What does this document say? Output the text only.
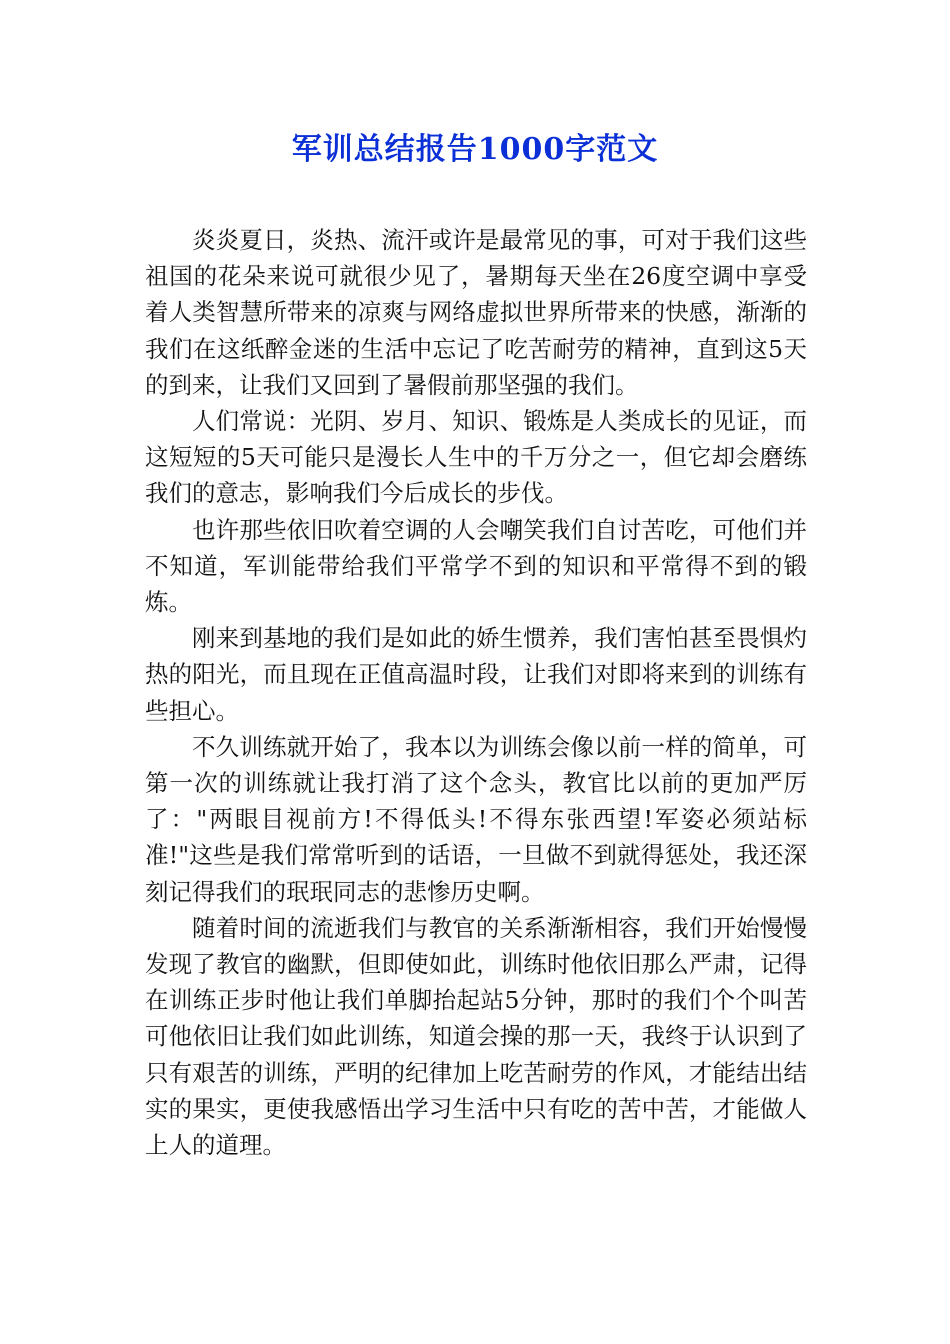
军训总结报告1000字范文

炎炎夏日，炎热、流汗或许是最常见的事，可对于我们这些祖国的花朵来说可就很少见了，暑期每天坐在26度空调中享受着人类智慧所带来的凉爽与网络虚拟世界所带来的快感，渐渐的我们在这纸醉金迷的生活中忘记了吃苦耐劳的精神，直到这5天的到来，让我们又回到了暑假前那坚强的我们。

人们常说：光阴、岁月、知识、锻炼是人类成长的见证，而这短短的5天可能只是漫长人生中的千万分之一，但它却会磨练我们的意志，影响我们今后成长的步伐。

也许那些依旧吹着空调的人会嘲笑我们自讨苦吃，可他们并不知道，军训能带给我们平常学不到的知识和平常得不到的锻炼。

刚来到基地的我们是如此的娇生惯养，我们害怕甚至畏惧灼热的阳光，而且现在正值高温时段，让我们对即将来到的训练有些担心。

不久训练就开始了，我本以为训练会像以前一样的简单，可第一次的训练就让我打消了这个念头，教官比以前的更加严厉了："两眼目视前方!不得低头!不得东张西望!军姿必须站标准!"这些是我们常常听到的话语，一旦做不到就得惩处，我还深刻记得我们的珉珉同志的悲惨历史啊。

随着时间的流逝我们与教官的关系渐渐相容，我们开始慢慢发现了教官的幽默，但即使如此，训练时他依旧那么严肃，记得在训练正步时他让我们单脚抬起站5分钟，那时的我们个个叫苦可他依旧让我们如此训练，知道会操的那一天，我终于认识到了只有艰苦的训练，严明的纪律加上吃苦耐劳的作风，才能结出结实的果实，更使我感悟出学习生活中只有吃的苦中苦，才能做人上人的道理。
